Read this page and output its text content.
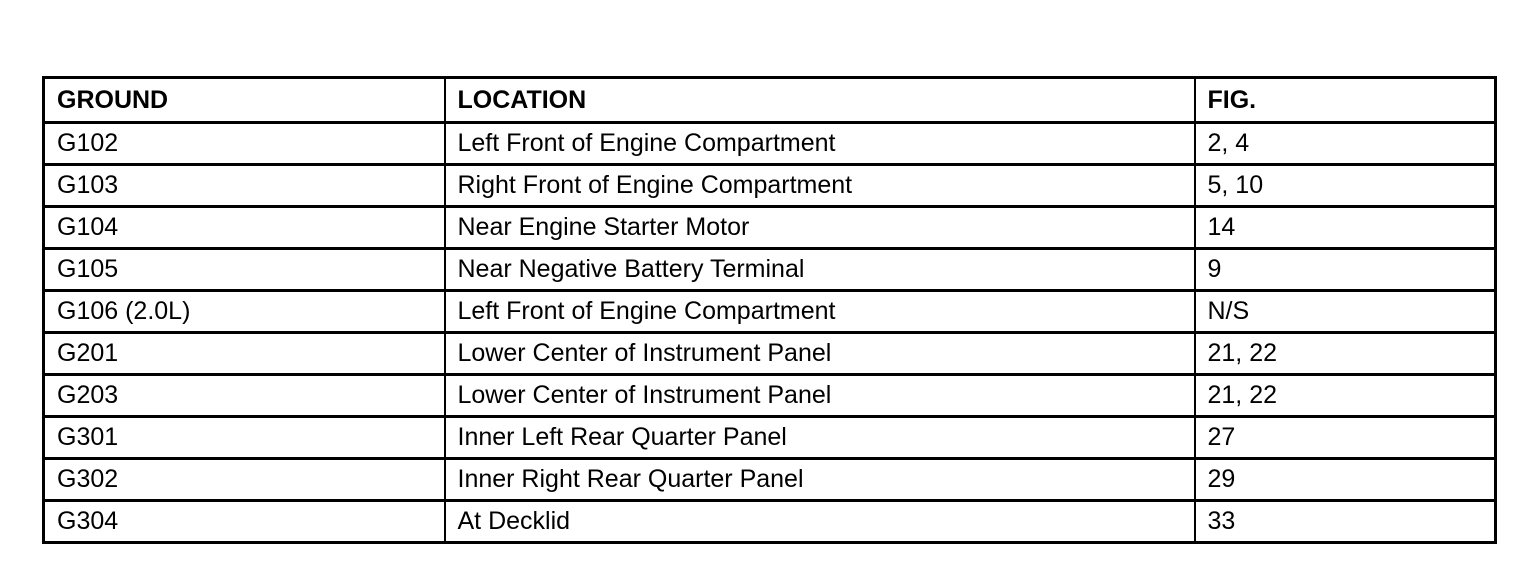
GROUND	LOCATION	FIG.
G102	Left Front of Engine Compartment	2, 4
G103	Right Front of Engine Compartment	5, 10
G104	Near Engine Starter Motor	14
G105	Near Negative Battery Terminal	9
G106 (2.0L)	Left Front of Engine Compartment	N/S
G201	Lower Center of Instrument Panel	21, 22
G203	Lower Center of Instrument Panel	21, 22
G301	Inner Left Rear Quarter Panel	27
G302	Inner Right Rear Quarter Panel	29
G304	At Decklid	33
